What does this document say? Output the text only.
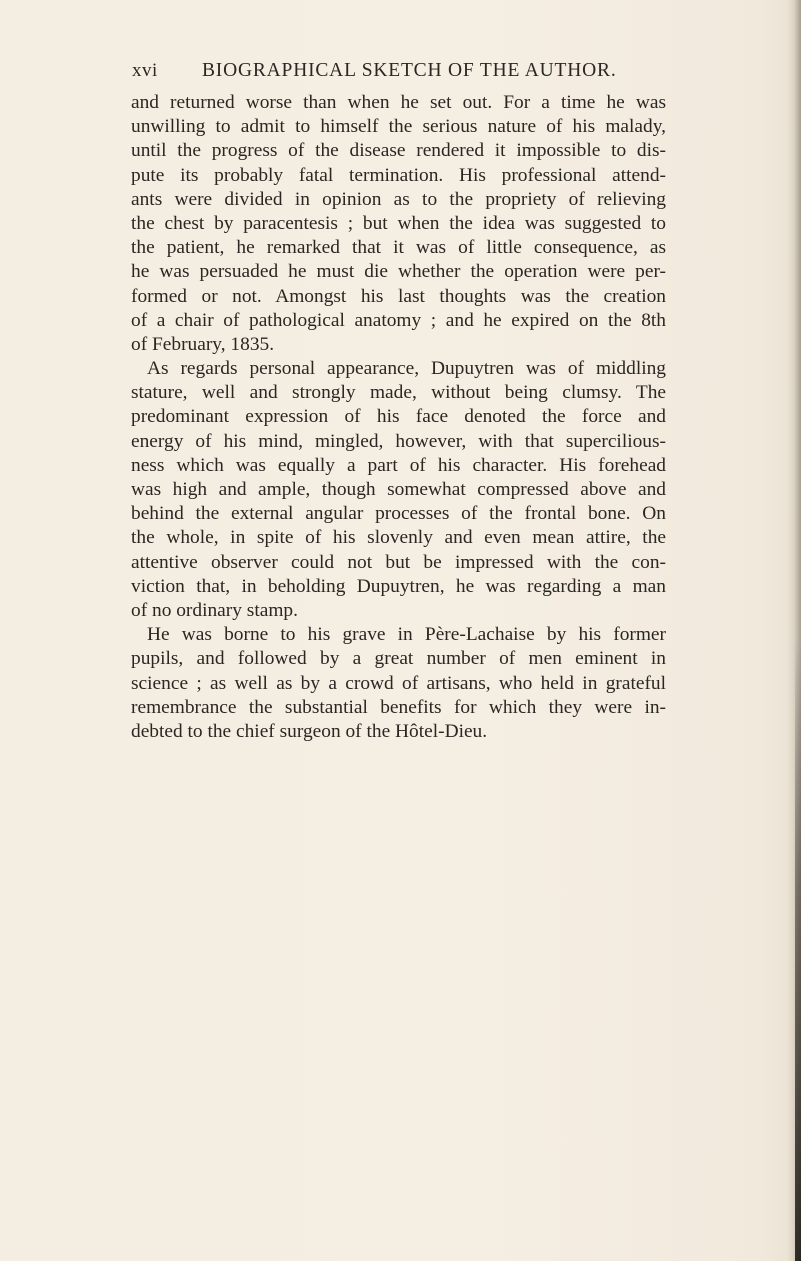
xvi BIOGRAPHICAL SKETCH OF THE AUTHOR.
and returned worse than when he set out. For a time he was
unwilling to admit to himself the serious nature of his malady,
until the progress of the disease rendered it impossible to dis-
pute its probably fatal termination. His professional attend-
ants were divided in opinion as to the propriety of relieving
the chest by paracentesis ; but when the idea was suggested to
the patient, he remarked that it was of little consequence, as
he was persuaded he must die whether the operation were per-
formed or not. Amongst his last thoughts was the creation
of a chair of pathological anatomy ; and he expired on the 8th
of February, 1835.
As regards personal appearance, Dupuytren was of middling
stature, well and strongly made, without being clumsy. The
predominant expression of his face denoted the force and
energy of his mind, mingled, however, with that supercilious-
ness which was equally a part of his character. His forehead
was high and ample, though somewhat compressed above and
behind the external angular processes of the frontal bone. On
the whole, in spite of his slovenly and even mean attire, the
attentive observer could not but be impressed with the con-
viction that, in beholding Dupuytren, he was regarding a man
of no ordinary stamp.
He was borne to his grave in Père-Lachaise by his former
pupils, and followed by a great number of men eminent in
science ; as well as by a crowd of artisans, who held in grateful
remembrance the substantial benefits for which they were in-
debted to the chief surgeon of the Hôtel-Dieu.
